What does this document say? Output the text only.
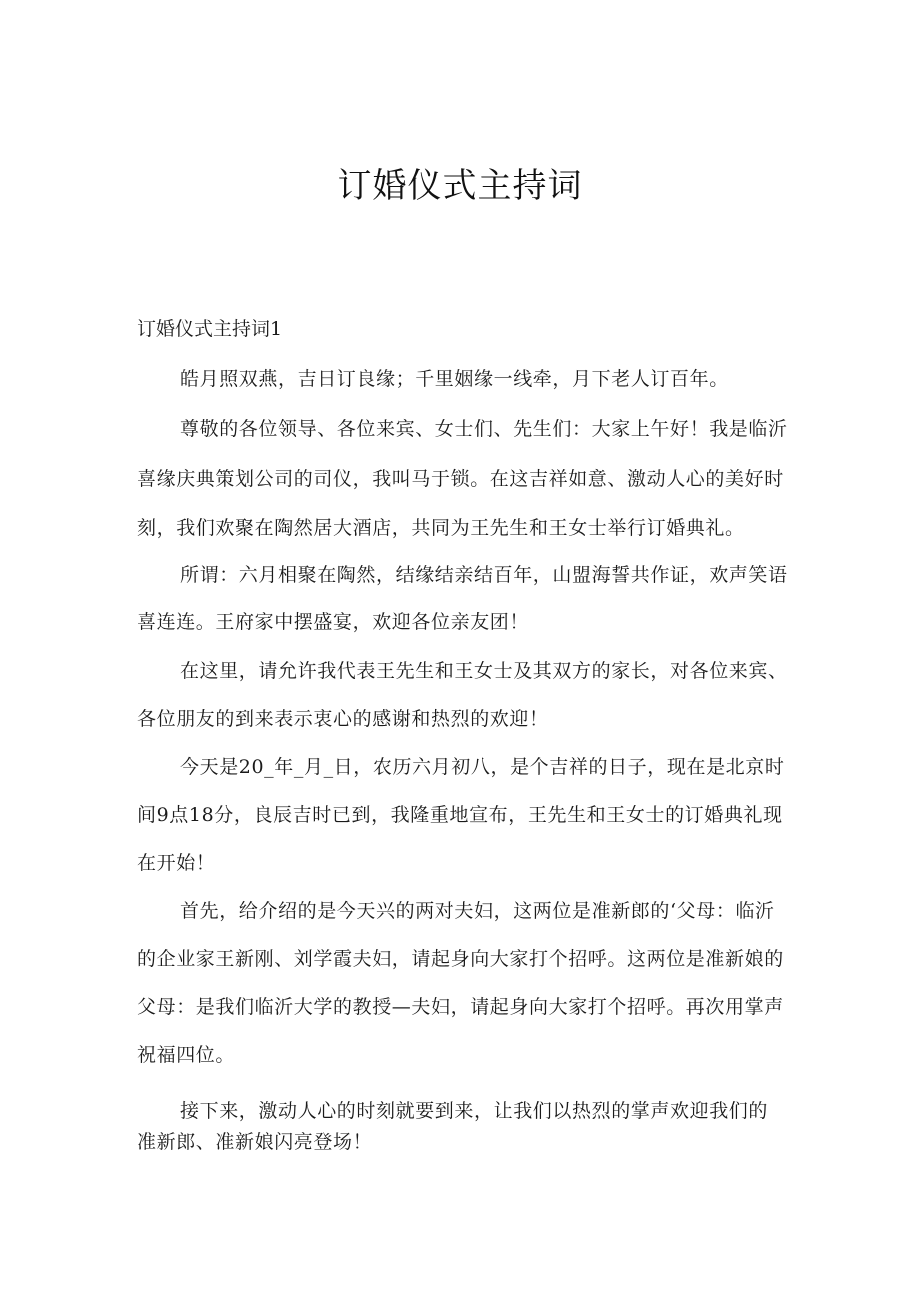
订婚仪式主持词
订婚仪式主持词1
皓月照双燕，吉日订良缘；千里姻缘一线牵，月下老人订百年。
尊敬的各位领导、各位来宾、女士们、先生们：大家上午好！我是临沂
喜缘庆典策划公司的司仪，我叫马于锁。在这吉祥如意、激动人心的美好时
刻，我们欢聚在陶然居大酒店，共同为王先生和王女士举行订婚典礼。
所谓：六月相聚在陶然，结缘结亲结百年，山盟海誓共作证，欢声笑语
喜连连。王府家中摆盛宴，欢迎各位亲友团！
在这里，请允许我代表王先生和王女士及其双方的家长，对各位来宾、
各位朋友的到来表示衷心的感谢和热烈的欢迎！
今天是20_年_月_日，农历六月初八，是个吉祥的日子，现在是北京时
间9点18分，良辰吉时已到，我隆重地宣布，王先生和王女士的订婚典礼现
在开始！
首先，给介绍的是今天兴的两对夫妇，这两位是准新郎的‘父母：临沂
的企业家王新刚、刘学霞夫妇，请起身向大家打个招呼。这两位是准新娘的
父母：是我们临沂大学的教授—夫妇，请起身向大家打个招呼。再次用掌声
祝福四位。
接下来，激动人心的时刻就要到来，让我们以热烈的掌声欢迎我们的
准新郎、准新娘闪亮登场！
